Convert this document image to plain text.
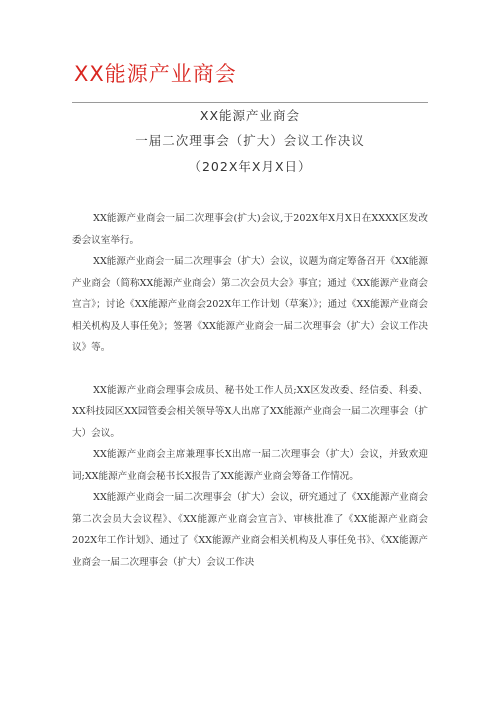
XX能源产业商会
XX能源产业商会
一届二次理事会（扩大）会议工作决议
（202X年X月X日）

XX能源产业商会一届二次理事会(扩大)会议,于202X年X月X日在XXXX区发改委会议室举行。

XX能源产业商会一届二次理事会（扩大）会议，议题为商定筹备召开《XX能源产业商会（简称XX能源产业商会）第二次会员大会》事宜；通过《XX能源产业商会宣言》；讨论《XX能源产业商会202X年工作计划（草案）》；通过《XX能源产业商会相关机构及人事任免》；签署《XX能源产业商会一届二次理事会（扩大）会议工作决议》等。

XX能源产业商会理事会成员、秘书处工作人员;XX区发改委、经信委、科委、XX科技园区XX园管委会相关领导等X人出席了XX能源产业商会一届二次理事会（扩大）会议。

XX能源产业商会主席兼理事长X出席一届二次理事会（扩大）会议，并致欢迎词;XX能源产业商会秘书长X报告了XX能源产业商会筹备工作情况。

XX能源产业商会一届二次理事会（扩大）会议，研究通过了《XX能源产业商会第二次会员大会议程》、《XX能源产业商会宣言》、审核批准了《XX能源产业商会202X年工作计划》、通过了《XX能源产业商会相关机构及人事任免书》、《XX能源产业商会一届二次理事会（扩大）会议工作决
